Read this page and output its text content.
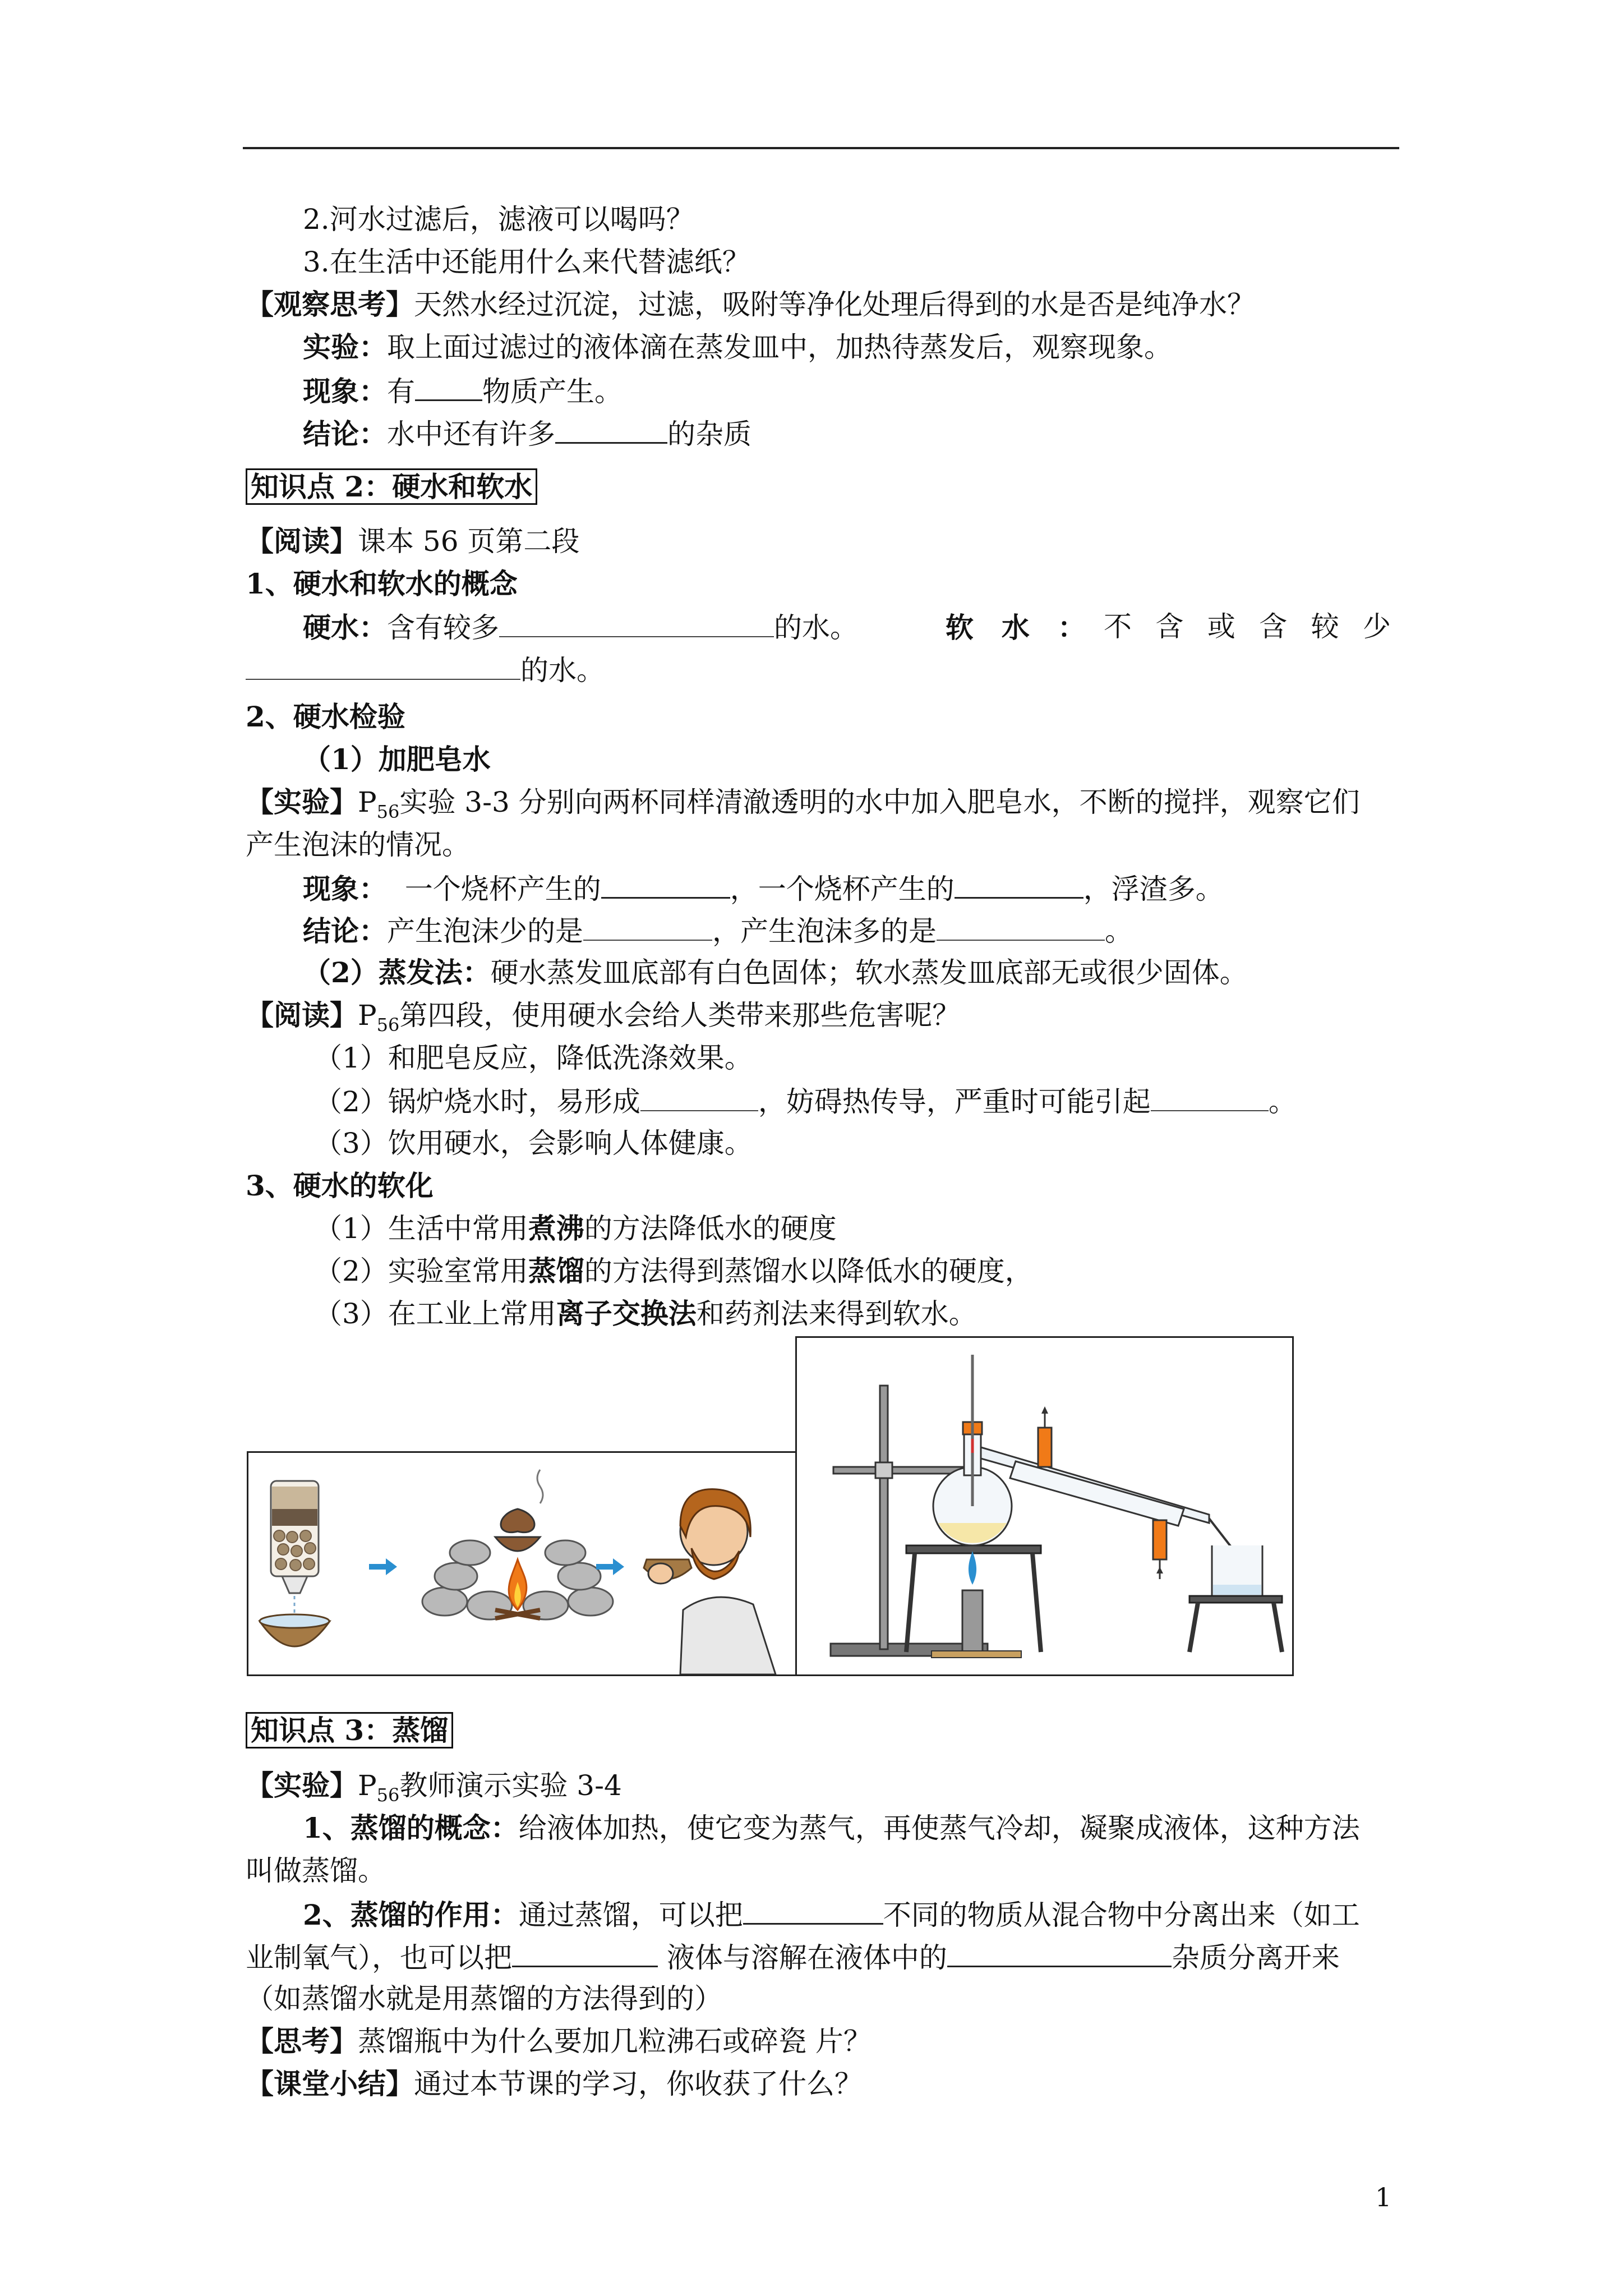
2.河水过滤后，滤液可以喝吗？
3.在生活中还能用什么来代替滤纸？
【观察思考】天然水经过沉淀，过滤，吸附等净化处理后得到的水是否是纯净水？
实验：取上面过滤过的液体滴在蒸发皿中，加热待蒸发后，观察现象。
现象：有 物质产生。
结论：水中还有许多	的杂质
知识点 2：硬水和软水
【阅读】课本 56 页第二段
1、硬水和软水的概念
硬水：含有较多	的水。	软　水　： 不 含 或 含 较 少
的水。
2、硬水检验
（1）加肥皂水
【实验】$P_{56}$实验 3-3 分别向两杯同样清澈透明的水中加入肥皂水，不断的搅拌，观察它们
产生泡沫的情况。
现象： 一个烧杯产生的	，一个烧杯产生的	，浮渣多。
结论：产生泡沫少的是	，产生泡沫多的是	。
（2）蒸发法：硬水蒸发皿底部有白色固体；软水蒸发皿底部无或很少固体。
【阅读】$P_{56}$第四段，使用硬水会给人类带来那些危害呢？
（1）和肥皂反应，降低洗涤效果。
（2）锅炉烧水时，易形成	，妨碍热传导，严重时可能引起	。
（3）饮用硬水，会影响人体健康。
3、硬水的软化
（1）生活中常用煮沸的方法降低水的硬度
（2）实验室常用蒸馏的方法得到蒸馏水以降低水的硬度，
（3）在工业上常用离子交换法和药剂法来得到软水。
知识点 3：蒸馏
【实验】$P_{56}$教师演示实验 3-4
1、蒸馏的概念：给液体加热，使它变为蒸气，再使蒸气冷却，凝聚成液体，这种方法
叫做蒸馏。
2、蒸馏的作用：通过蒸馏，可以把	不同的物质从混合物中分离出来（如工
业制氧气），也可以把	液体与溶解在液体中的	杂质分离开来
（如蒸馏水就是用蒸馏的方法得到的）
【思考】蒸馏瓶中为什么要加几粒沸石或碎瓷 片？
【课堂小结】通过本节课的学习，你收获了什么？
1
